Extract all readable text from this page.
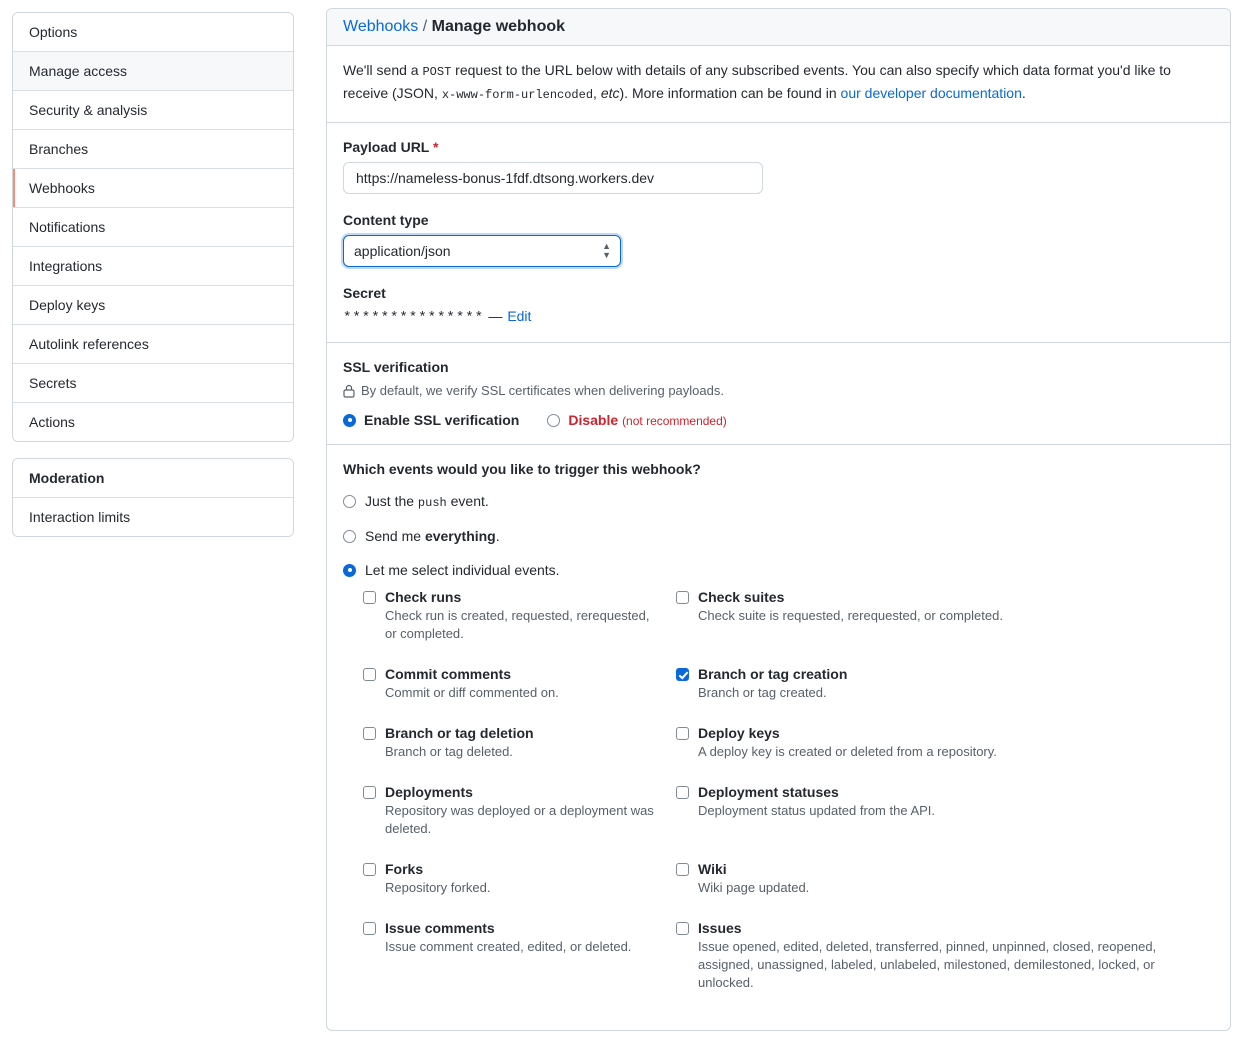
Options
Manage access
Security & analysis
Branches
Webhooks
Notifications
Integrations
Deploy keys
Autolink references
Secrets
Actions
Moderation
Interaction limits
Webhooks / Manage webhook
We'll send a POST request to the URL below with details of any subscribed events. You can also specify which data format you'd like to receive (JSON, x-www-form-urlencoded, etc). More information can be found in our developer documentation.
Payload URL *
https://nameless-bonus-1fdf.dtsong.workers.dev
Content type
application/json
▲
▼
Secret
*************** — Edit
SSL verification
By default, we verify SSL certificates when delivering payloads.
Enable SSL verification	Disable (not recommended)
Which events would you like to trigger this webhook?
Just the push event.
Send me everything.
Let me select individual events.
Check runs
Check run is created, requested, rerequested, or completed.
Check suites
Check suite is requested, rerequested, or completed.
Commit comments
Commit or diff commented on.
Branch or tag creation
Branch or tag created.
Branch or tag deletion
Branch or tag deleted.
Deploy keys
A deploy key is created or deleted from a repository.
Deployments
Repository was deployed or a deployment was deleted.
Deployment statuses
Deployment status updated from the API.
Forks
Repository forked.
Wiki
Wiki page updated.
Issue comments
Issue comment created, edited, or deleted.
Issues
Issue opened, edited, deleted, transferred, pinned, unpinned, closed, reopened, assigned, unassigned, labeled, unlabeled, milestoned, demilestoned, locked, or unlocked.
